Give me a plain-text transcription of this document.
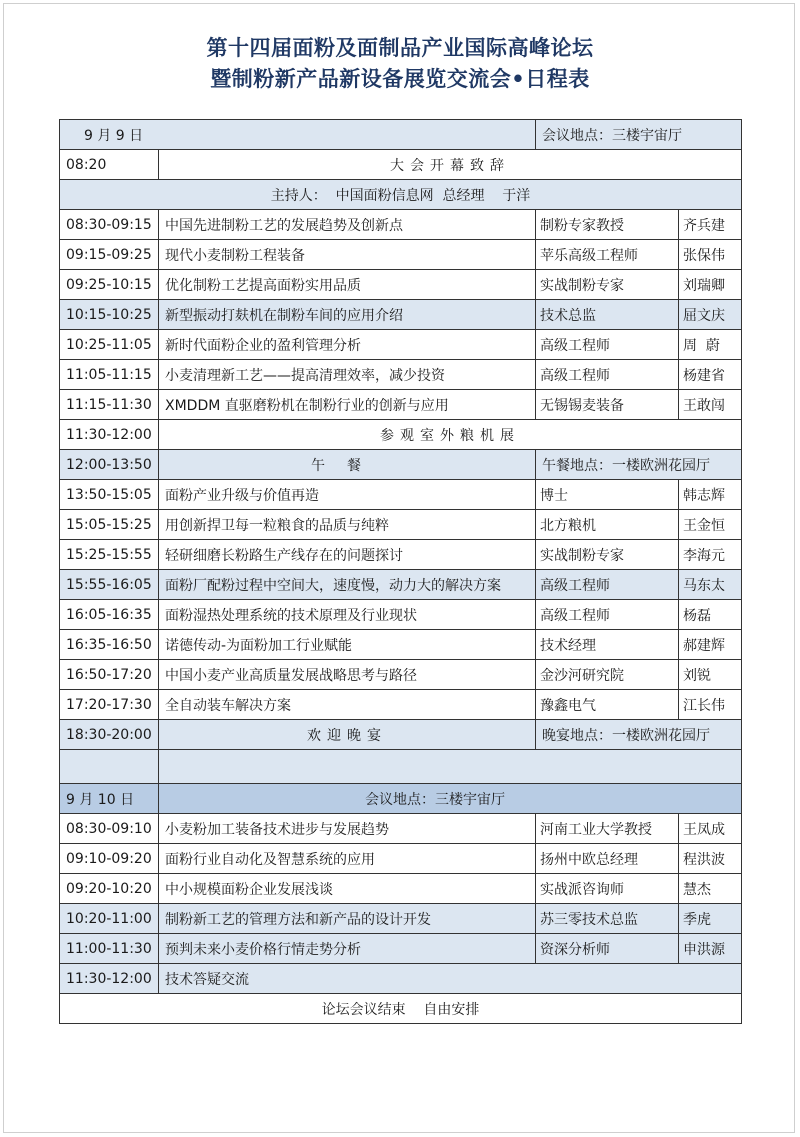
第十四届面粉及面制品产业国际高峰论坛
暨制粉新产品新设备展览交流会•日程表
9 月 9 日		会议地点：三楼宇宙厅	
08:20	大会开幕致辞		
主持人：  中国面粉信息网  总经理    于洋			
08:30-09:15	中国先进制粉工艺的发展趋势及创新点	制粉专家教授	齐兵建
09:15-09:25	现代小麦制粉工程装备	苹乐高级工程师	张保伟
09:25-10:15	优化制粉工艺提高面粉实用品质	实战制粉专家	刘瑞卿
10:15-10:25	新型振动打麸机在制粉车间的应用介绍	技术总监	屈文庆
10:25-11:05	新时代面粉企业的盈利管理分析	高级工程师	周  蔚
11:05-11:15	小麦清理新工艺——提高清理效率，减少投资	高级工程师	杨建省
11:15-11:30	XMDDM 直驱磨粉机在制粉行业的创新与应用	无锡锡麦装备	王敢闯
11:30-12:00	参观室外粮机展		
12:00-13:50	午餐	午餐地点：一楼欧洲花园厅	
13:50-15:05	面粉产业升级与价值再造	博士	韩志辉
15:05-15:25	用创新捍卫每一粒粮食的品质与纯粹	北方粮机	王金恒
15:25-15:55	轻研细磨长粉路生产线存在的问题探讨	实战制粉专家	李海元
15:55-16:05	面粉厂配粉过程中空间大，速度慢，动力大的解决方案	高级工程师	马东太
16:05-16:35	面粉湿热处理系统的技术原理及行业现状	高级工程师	杨磊
16:35-16:50	诺德传动-为面粉加工行业赋能	技术经理	郝建辉
16:50-17:20	中国小麦产业高质量发展战略思考与路径	金沙河研究院	刘锐
17:20-17:30	全自动装车解决方案	豫鑫电气	江长伟
18:30-20:00	欢迎晚宴	晚宴地点：一楼欧洲花园厅	

9 月 10 日	会议地点：三楼宇宙厅		
08:30-09:10	小麦粉加工装备技术进步与发展趋势	河南工业大学教授	王凤成
09:10-09:20	面粉行业自动化及智慧系统的应用	扬州中欧总经理	程洪波
09:20-10:20	中小规模面粉企业发展浅谈	实战派咨询师	慧杰
10:20-11:00	制粉新工艺的管理方法和新产品的设计开发	苏三零技术总监	季虎
11:00-11:30	预判未来小麦价格行情走势分析	资深分析师	申洪源
11:30-12:00	技术答疑交流		
论坛会议结束    自由安排			
